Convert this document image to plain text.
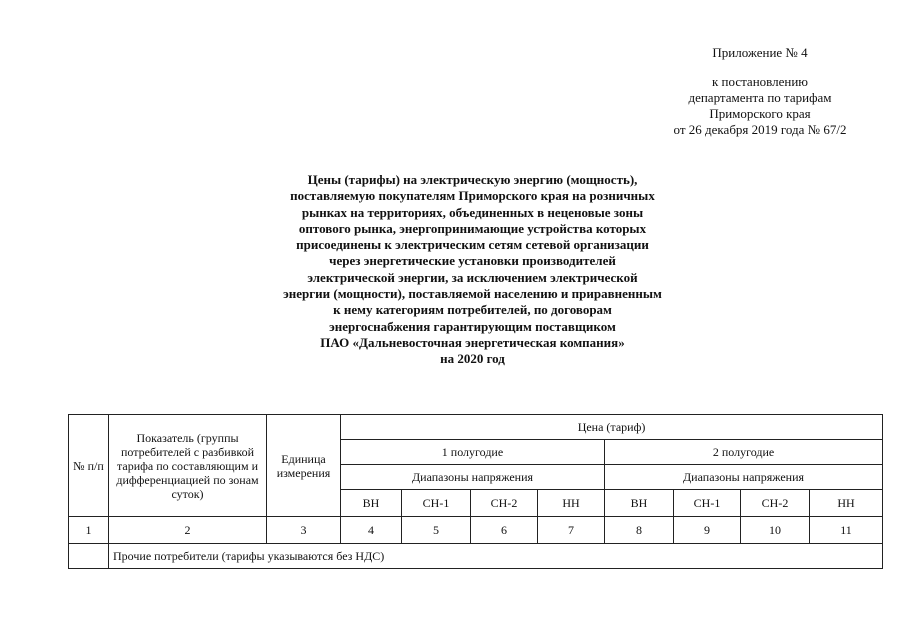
Приложение № 4
к постановлению
департамента по тарифам
Приморского края
от 26 декабря 2019 года № 67/2
Цены (тарифы) на электрическую энергию (мощность),
поставляемую покупателям Приморского края на розничных
рынках на территориях, объединенных в неценовые зоны
оптового рынка, энергопринимающие устройства которых
присоединены к электрическим сетям сетевой организации
через энергетические установки производителей
электрической энергии, за исключением электрической
энергии (мощности), поставляемой населению и приравненным
к нему категориям потребителей, по договорам
энергоснабжения гарантирующим поставщиком
ПАО «Дальневосточная энергетическая компания»
на 2020 год
№ п/п	Показатель (группы потребителей с разбивкой тарифа по составляющим и дифференциацией по зонам суток)	Единица измерения	Цена (тариф)							
			1 полугодие				2 полугодие			
			Диапазоны напряжения				Диапазоны напряжения			
			ВН	СН-1	СН-2	НН	ВН	СН-1	СН-2	НН
1	2	3	4	5	6	7	8	9	10	11
	Прочие потребители (тарифы указываются без НДС)									
